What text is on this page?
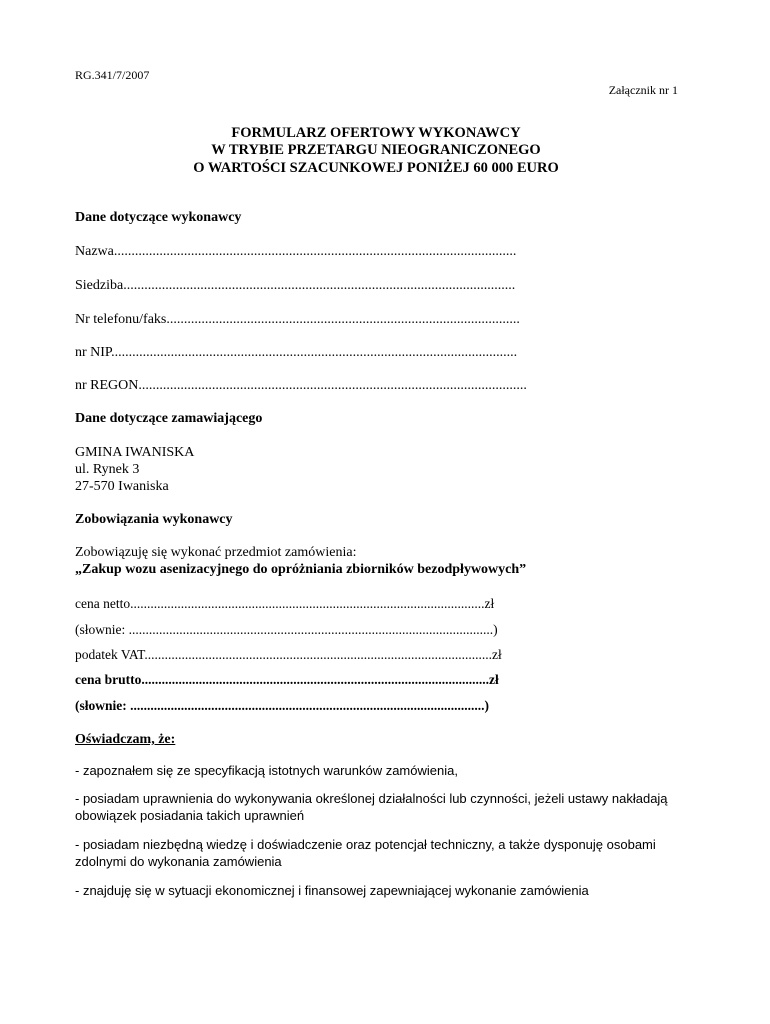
RG.341/7/2007
Załącznik nr 1
FORMULARZ OFERTOWY WYKONAWCY
W TRYBIE PRZETARGU NIEOGRANICZONEGO
O WARTOŚCI SZACUNKOWEJ PONIŻEJ 60 000 EURO
Dane dotyczące wykonawcy
Nazwa...................................................................................................................
Siedziba................................................................................................................
Nr telefonu/faks.....................................................................................................
nr NIP....................................................................................................................
nr REGON...............................................................................................................
Dane dotyczące zamawiającego
GMINA IWANISKA
ul. Rynek 3
27-570 Iwaniska
Zobowiązania wykonawcy
Zobowiązuję się wykonać przedmiot zamówienia:
„Zakup wozu asenizacyjnego do opróżniania zbiorników bezodpływowych”
cena netto.........................................................................................................zł
(słownie: ............................................................................................................)
podatek VAT.......................................................................................................zł
cena brutto.......................................................................................................zł
(słownie: .........................................................................................................)
Oświadczam, że:
- zapoznałem się ze specyfikacją istotnych warunków zamówienia,
- posiadam uprawnienia do wykonywania określonej działalności lub czynności, jeżeli ustawy nakładają obowiązek posiadania takich uprawnień
- posiadam niezbędną wiedzę i doświadczenie oraz potencjał techniczny, a także dysponuję osobami zdolnymi do wykonania zamówienia
- znajduję się w sytuacji ekonomicznej i finansowej zapewniającej wykonanie zamówienia
